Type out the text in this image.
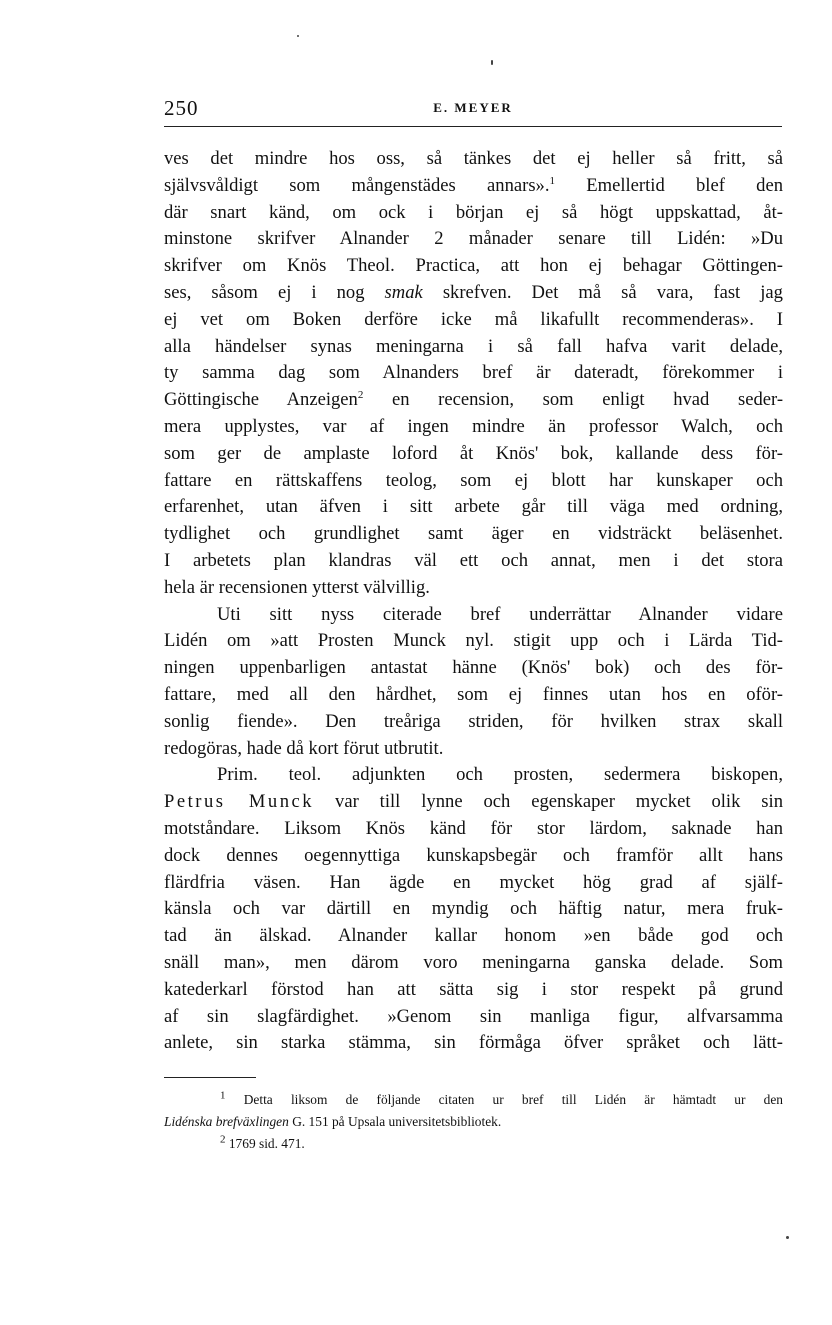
250	E. MEYER
ves det mindre hos oss, så tänkes det ej heller så fritt, så
självsvåldigt som mångenstädes annars».$^1$ Emellertid blef den
där snart känd, om ock i början ej så högt uppskattad, åt-
minstone skrifver Alnander 2 månader senare till Lidén: »Du
skrifver om Knös Theol. Practica, att hon ej behagar Göttingen-
ses, såsom ej i nog smak skrefven. Det må så vara, fast jag
ej vet om Boken derföre icke må likafullt recommenderas». I
alla händelser synas meningarna i så fall hafva varit delade,
ty samma dag som Alnanders bref är dateradt, förekommer i
Göttingische Anzeigen$^2$ en recension, som enligt hvad seder-
mera upplystes, var af ingen mindre än professor Walch, och
som ger de amplaste loford åt Knös' bok, kallande dess för-
fattare en rättskaffens teolog, som ej blott har kunskaper och
erfarenhet, utan äfven i sitt arbete går till väga med ordning,
tydlighet och grundlighet samt äger en vidsträckt beläsenhet.
I arbetets plan klandras väl ett och annat, men i det stora
hela är recensionen ytterst välvillig.
Uti sitt nyss citerade bref underrättar Alnander vidare
Lidén om »att Prosten Munck nyl. stigit upp och i Lärda Tid-
ningen uppenbarligen antastat hänne (Knös' bok) och des för-
fattare, med all den hårdhet, som ej finnes utan hos en oför-
sonlig fiende». Den treåriga striden, för hvilken strax skall
redogöras, hade då kort förut utbrutit.
Prim. teol. adjunkten och prosten, sedermera biskopen,
Petrus Munck var till lynne och egenskaper mycket olik sin
motståndare. Liksom Knös känd för stor lärdom, saknade han
dock dennes oegennyttiga kunskapsbegär och framför allt hans
flärdfria väsen. Han ägde en mycket hög grad af själf-
känsla och var därtill en myndig och häftig natur, mera fruk-
tad än älskad. Alnander kallar honom »en både god och
snäll man», men därom voro meningarna ganska delade. Som
katederkarl förstod han att sätta sig i stor respekt på grund
af sin slagfärdighet. »Genom sin manliga figur, alfvarsamma
anlete, sin starka stämma, sin förmåga öfver språket och lätt-
$^1$ Detta liksom de följande citaten ur bref till Lidén är hämtadt ur den
Lidénska brefväxlingen G. 151 på Upsala universitetsbibliotek.
$^2$ 1769 sid. 471.
